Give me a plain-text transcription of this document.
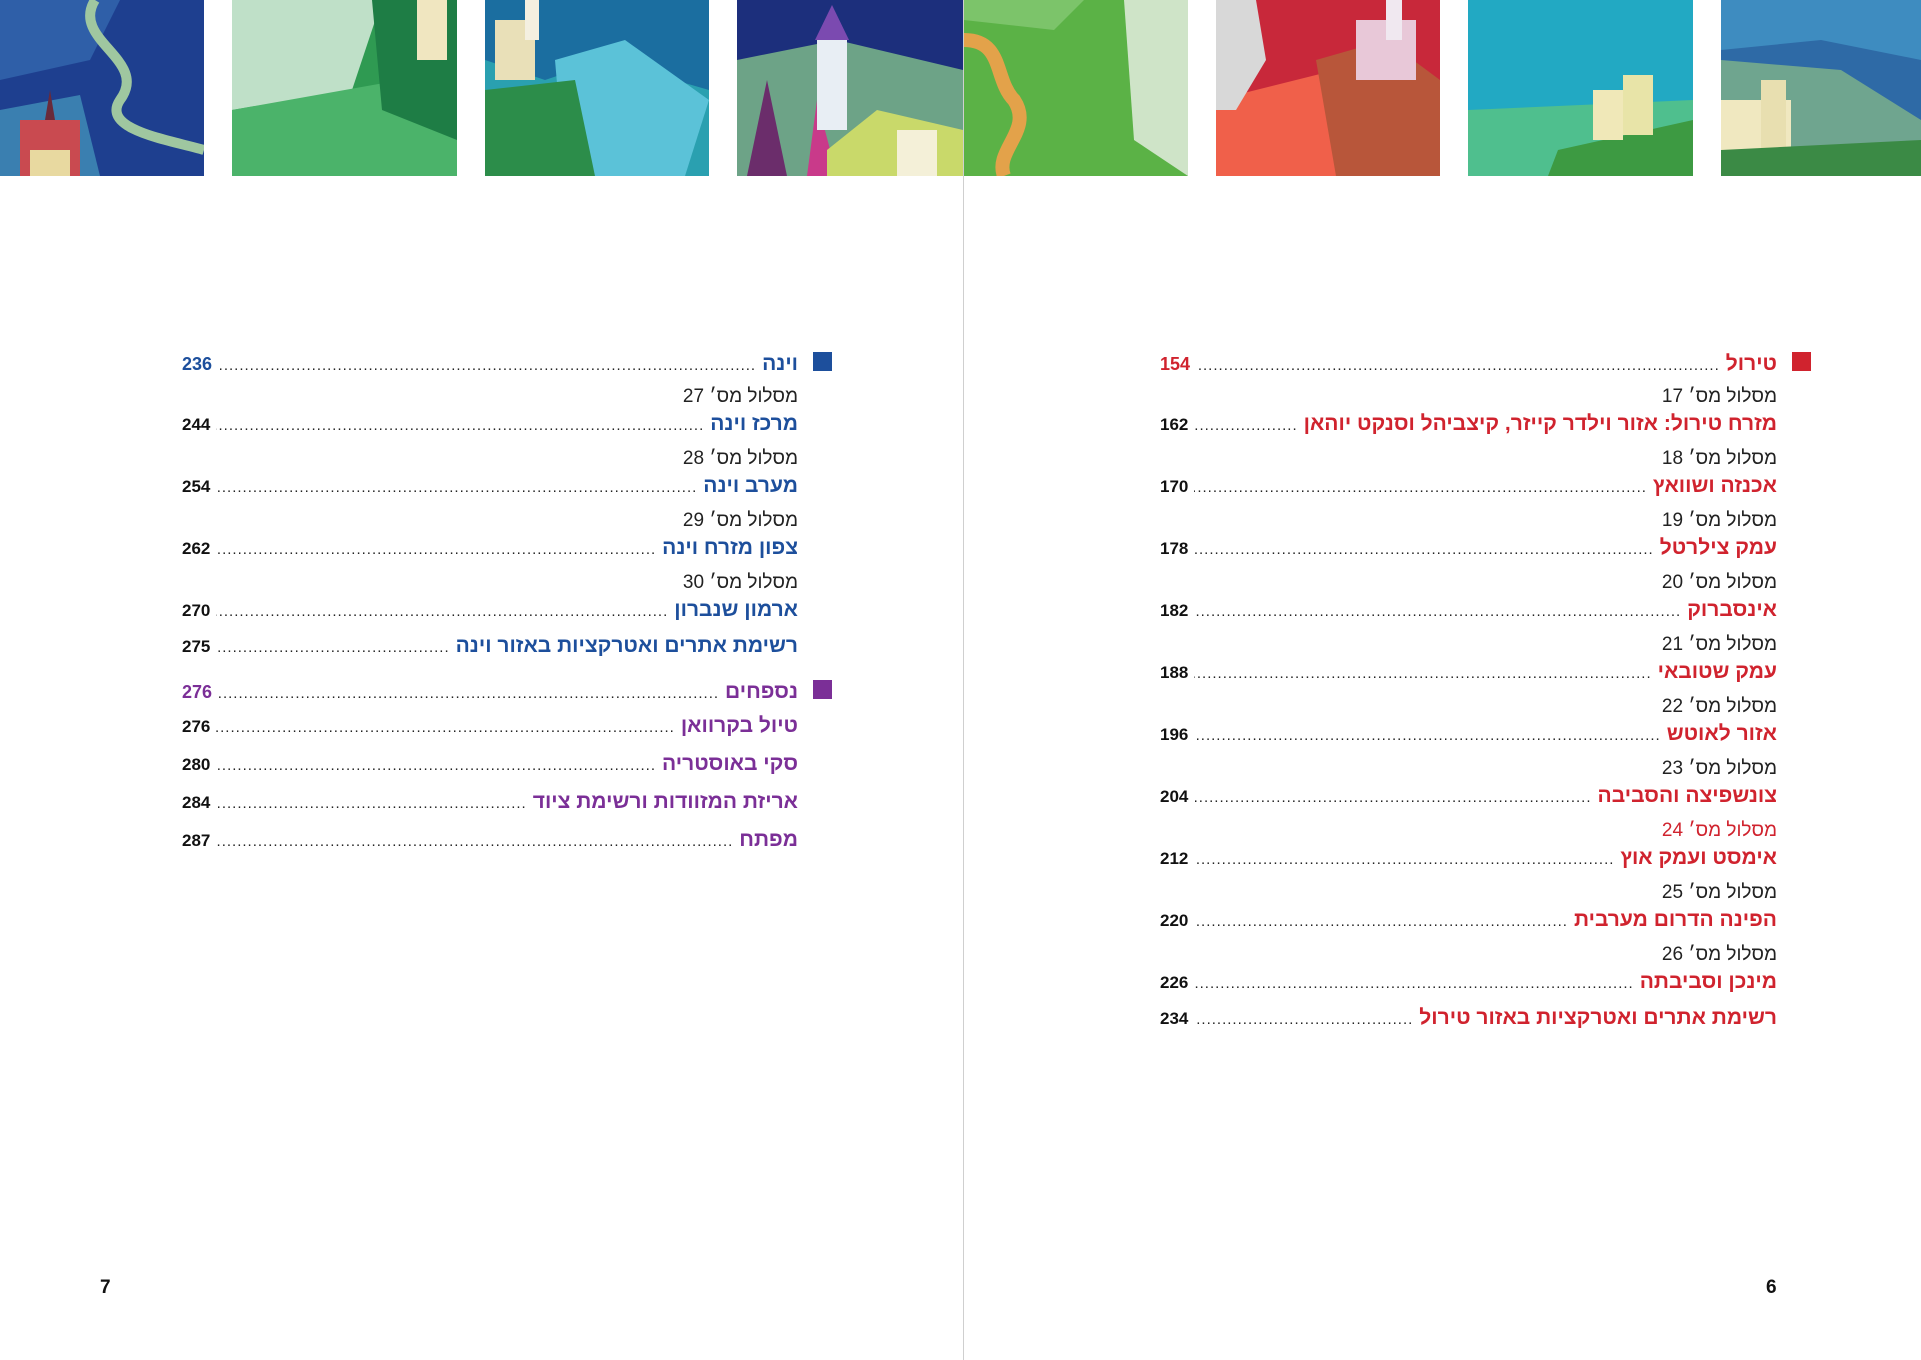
טירול
.....
154
מסלול מס׳ 17
מזרח טירול: אזור וילדר קייזר, קיצביהל וסנקט יוהאן
.....
162
מסלול מס׳ 18
אכנזה ושוואץ
.....
170
מסלול מס׳ 19
עמק צילרטל
.....
178
מסלול מס׳ 20
אינסברוק
.....
182
מסלול מס׳ 21
עמק שטובאי
.....
188
מסלול מס׳ 22
אזור לאוטש
.....
196
מסלול מס׳ 23
צונשפיצה והסביבה
.....
204
מסלול מס׳ 24
אימסט ועמק אוץ
.....
212
מסלול מס׳ 25
הפינה הדרום מערבית
.....
220
מסלול מס׳ 26
מינכן וסביבתה
.....
226
רשימת אתרים ואטרקציות באזור טירול
.....
234
וינה
.....
236
מסלול מס׳ 27
מרכז וינה
.....
244
מסלול מס׳ 28
מערב וינה
.....
254
מסלול מס׳ 29
צפון מזרח וינה
.....
262
מסלול מס׳ 30
ארמון שנברון
.....
270
רשימת אתרים ואטרקציות באזור וינה
.....
275
נספחים
.....
276
טיול בקרוואן
.....
276
סקי באוסטריה
.....
280
אריזת המזוודות ורשימת ציוד
.....
284
מפתח
.....
287
6
7
